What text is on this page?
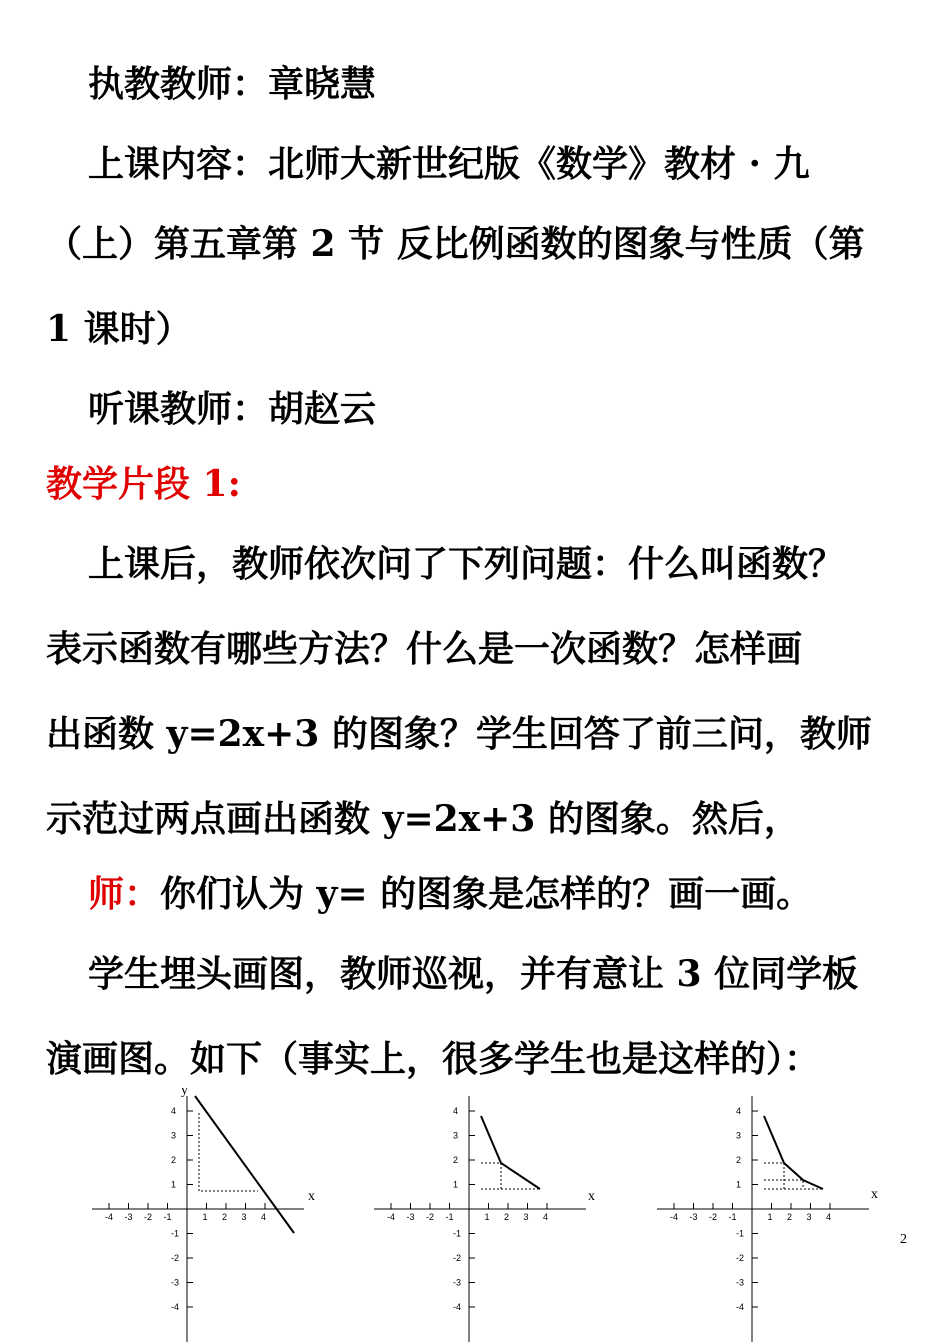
执教教师：章晓慧
上课内容：北师大新世纪版《数学》教材 · 九
（上）第五章第 2 节 反比例函数的图象与性质（第
1 课时）
听课教师：胡赵云
教学片段 1:
上课后，教师依次问了下列问题：什么叫函数？
表示函数有哪些方法？什么是一次函数？怎样画
出函数 y=2x+3 的图象？学生回答了前三问，教师
示范过两点画出函数 y=2x+3 的图象。然后，
师：你们认为 y= 的图象是怎样的？画一画。
学生埋头画图，教师巡视，并有意让 3 位同学板
演画图。如下（事实上，很多学生也是这样的）：
x
y
-4 -3 -2 -1	1 2 3 4
4
3
2
1
-1
-2
-3
-4
x
-4 -3 -2 -1	1 2 3 4
4
3
2
1
-1
-2
-3
-4
x
-4 -3 -2 -1	1 2 3 4
4
3
2
1
-1
-2
-3
-4
2
